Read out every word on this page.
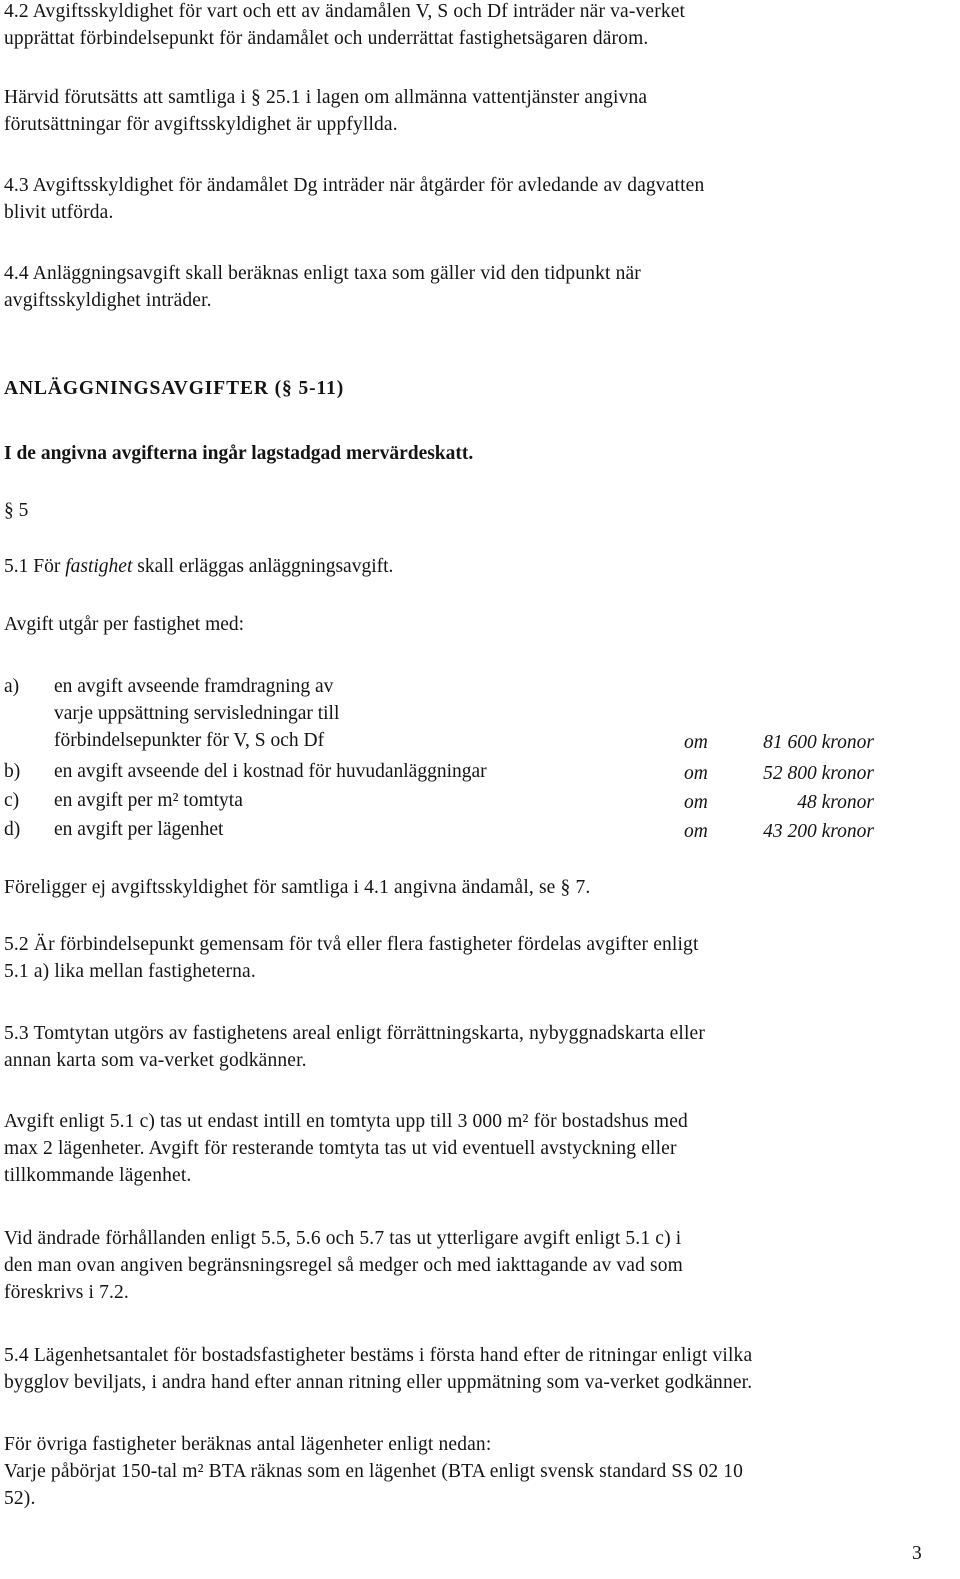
4.2 Avgiftsskyldighet för vart och ett av ändamålen V, S och Df inträder när va-verket
upprättat förbindelsepunkt för ändamålet och underrättat fastighetsägaren därom.
Härvid förutsätts att samtliga i § 25.1 i lagen om allmänna vattentjänster angivna
förutsättningar för avgiftsskyldighet är uppfyllda.
4.3 Avgiftsskyldighet för ändamålet Dg inträder när åtgärder för avledande av dagvatten
blivit utförda.
4.4 Anläggningsavgift skall beräknas enligt taxa som gäller vid den tidpunkt när
avgiftsskyldighet inträder.
ANLÄGGNINGSAVGIFTER (§ 5-11)
I de angivna avgifterna ingår lagstadgad mervärdeskatt.
§ 5
5.1 För fastighet skall erläggas anläggningsavgift.
Avgift utgår per fastighet med:
a)	en avgift avseende framdragning av
varje uppsättning servisledningar till
förbindelsepunkter för V, S och Df	om	81 600 kronor
b)	en avgift avseende del i kostnad för huvudanläggningar	om	52 800 kronor
c)	en avgift per m² tomtyta	om	48 kronor
d)	en avgift per lägenhet	om	43 200 kronor
Föreligger ej avgiftsskyldighet för samtliga i 4.1 angivna ändamål, se § 7.
5.2 Är förbindelsepunkt gemensam för två eller flera fastigheter fördelas avgifter enligt
5.1 a) lika mellan fastigheterna.
5.3 Tomtytan utgörs av fastighetens areal enligt förrättningskarta, nybyggnadskarta eller
annan karta som va-verket godkänner.
Avgift enligt 5.1 c) tas ut endast intill en tomtyta upp till 3 000 m² för bostadshus med
max 2 lägenheter. Avgift för resterande tomtyta tas ut vid eventuell avstyckning eller
tillkommande lägenhet.
Vid ändrade förhållanden enligt 5.5, 5.6 och 5.7 tas ut ytterligare avgift enligt 5.1 c) i
den man ovan angiven begränsningsregel så medger och med iakttagande av vad som
föreskrivs i 7.2.
5.4 Lägenhetsantalet för bostadsfastigheter bestäms i första hand efter de ritningar enligt vilka
bygglov beviljats, i andra hand efter annan ritning eller uppmätning som va-verket godkänner.
För övriga fastigheter beräknas antal lägenheter enligt nedan:
Varje påbörjat 150-tal m² BTA räknas som en lägenhet (BTA enligt svensk standard SS 02 10
52).
3
